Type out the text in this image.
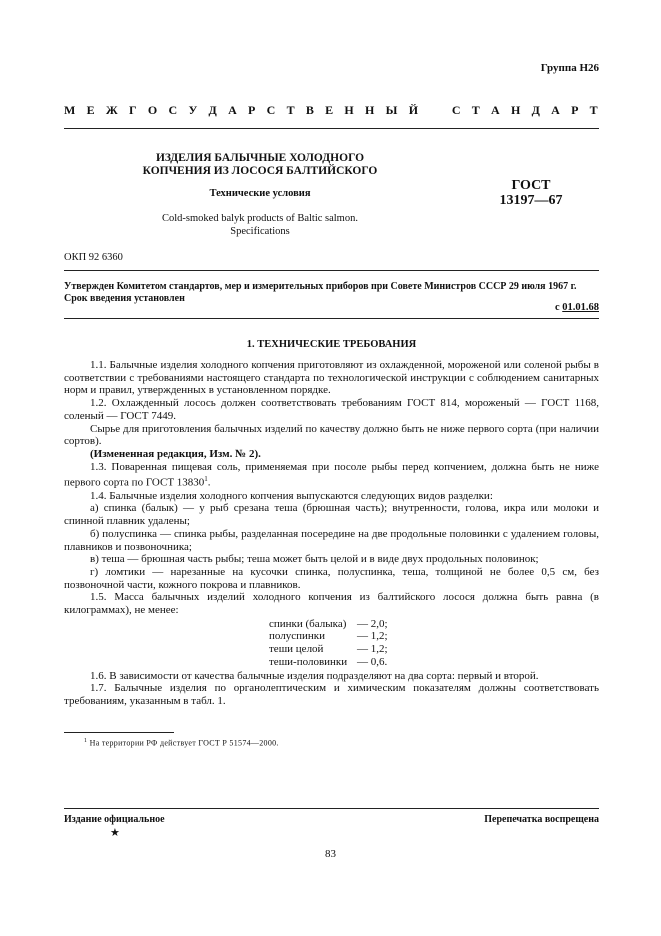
Группа Н26
М Е Ж Г О С У Д А Р С Т В Е Н Н Ы Й	С Т А Н Д А Р Т
ИЗДЕЛИЯ БАЛЫЧНЫЕ ХОЛОДНОГО
КОПЧЕНИЯ ИЗ ЛОСОСЯ БАЛТИЙСКОГО
Технические условия
Cold-smoked balyk products of Baltic salmon.
Specifications
ГОСТ
13197—67
ОКП 92 6360
Утвержден Комитетом стандартов, мер и измерительных приборов при Совете Министров СССР 29 июля 1967 г.
Срок введения установлен
с 01.01.68
1. ТЕХНИЧЕСКИЕ ТРЕБОВАНИЯ

1.1. Балычные изделия холодного копчения приготовляют из охлажденной, мороженой или соленой рыбы в соответствии с требованиями настоящего стандарта по технологической инструкции с соблюдением санитарных норм и правил, утвержденных в установленном порядке.

1.2. Охлажденный лосось должен соответствовать требованиям ГОСТ 814, мороженый — ГОСТ 1168, соленый — ГОСТ 7449.

Сырье для приготовления балычных изделий по качеству должно быть не ниже первого сорта (при наличии сортов).

(Измененная редакция, Изм. № 2).

1.3. Поваренная пищевая соль, применяемая при посоле рыбы перед копчением, должна быть не ниже первого сорта по ГОСТ 13830$^1$.

1.4. Балычные изделия холодного копчения выпускаются следующих видов разделки:

а) спинка (балык) — у рыб срезана теша (брюшная часть); внутренности, голова, икра или молоки и спинной плавник удалены;

б) полуспинка — спинка рыбы, разделанная посередине на две продольные половинки с удалением головы, плавников и позвоночника;

в) теша — брюшная часть рыбы; теша может быть целой и в виде двух продольных половинок;

г) ломтики — нарезанные на кусочки спинка, полуспинка, теша, толщиной не более 0,5 см, без позвоночной части, кожного покрова и плавников.

1.5. Масса балычных изделий холодного копчения из балтийского лосося должна быть равна (в килограммах), не менее:

спинки (балыка)	— 2,0;
полуспинки	— 1,2;
теши целой	— 1,2;
теши-половинки	— 0,6.

1.6. В зависимости от качества балычные изделия подразделяют на два сорта: первый и второй.

1.7. Балычные изделия по органолептическим и химическим показателям должны соответствовать требованиям, указанным в табл. 1.

$^1$ На территории РФ действует ГОСТ Р 51574—2000.
Издание официальное
★
Перепечатка воспрещена
83
